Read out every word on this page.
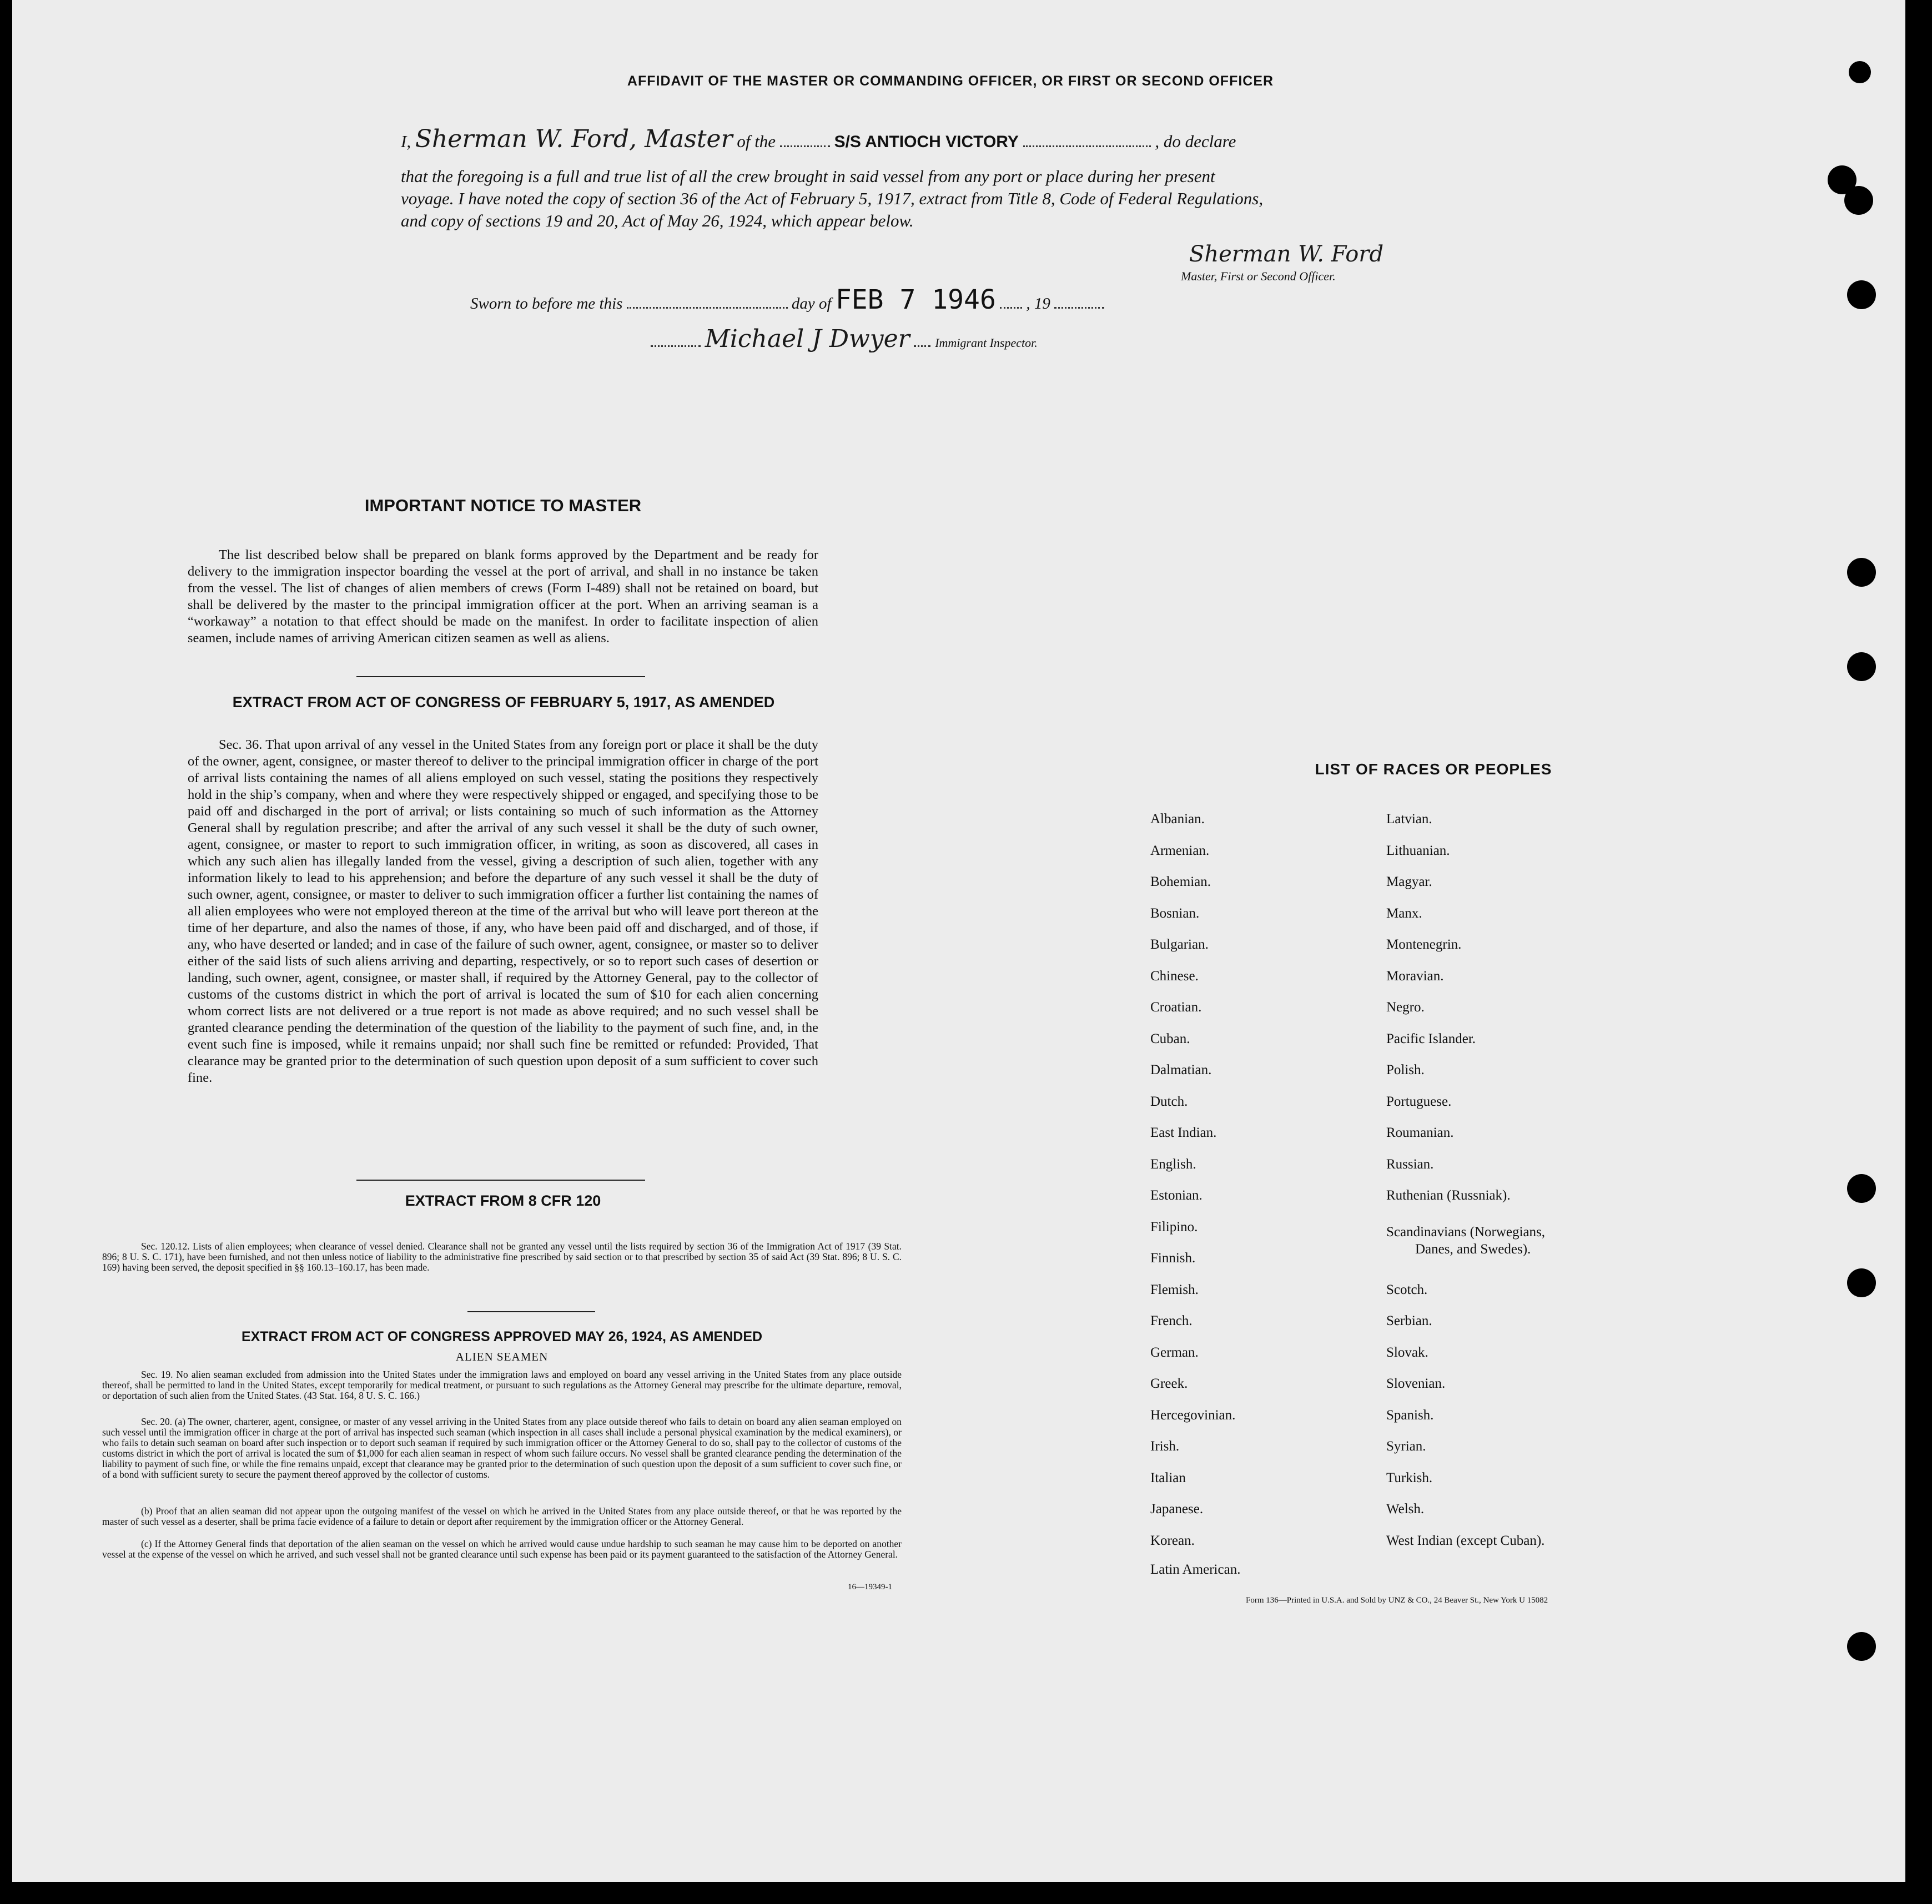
AFFIDAVIT OF THE MASTER OR COMMANDING OFFICER, OR FIRST OR SECOND OFFICER
I, Sherman W. Ford, Master of the	S/S ANTIOCH VICTORY	, do declare
that the foregoing is a full and true list of all the crew brought in said vessel from any port or place during her present
voyage. I have noted the copy of section 36 of the Act of February 5, 1917, extract from Title 8, Code of Federal Regulations,
and copy of sections 19 and 20, Act of May 26, 1924, which appear below.
Sherman W. Ford
Master, First or Second Officer.
Sworn to before me this	day of FEB 7 1946 , 19
Michael J Dwyer Immigrant Inspector.
IMPORTANT NOTICE TO MASTER

The list described below shall be prepared on blank forms approved by the Department and be ready for delivery to the immigration inspector boarding the vessel at the port of arrival, and shall in no instance be taken from the vessel. The list of changes of alien members of crews (Form I-489) shall not be retained on board, but shall be delivered by the master to the principal immigration officer at the port. When an arriving seaman is a “workaway” a notation to that effect should be made on the manifest. In order to facilitate inspection of alien seamen, include names of arriving American citizen seamen as well as aliens.

EXTRACT FROM ACT OF CONGRESS OF FEBRUARY 5, 1917, AS AMENDED

Sec. 36. That upon arrival of any vessel in the United States from any foreign port or place it shall be the duty of the owner, agent, consignee, or master thereof to deliver to the principal immigration officer in charge of the port of arrival lists containing the names of all aliens employed on such vessel, stating the positions they respectively hold in the ship’s company, when and where they were respectively shipped or engaged, and specifying those to be paid off and discharged in the port of arrival; or lists containing so much of such information as the Attorney General shall by regulation prescribe; and after the arrival of any such vessel it shall be the duty of such owner, agent, consignee, or master to report to such immigration officer, in writing, as soon as discovered, all cases in which any such alien has illegally landed from the vessel, giving a description of such alien, together with any information likely to lead to his apprehension; and before the departure of any such vessel it shall be the duty of such owner, agent, consignee, or master to deliver to such immigration officer a further list containing the names of all alien employees who were not employed thereon at the time of the arrival but who will leave port thereon at the time of her departure, and also the names of those, if any, who have been paid off and discharged, and of those, if any, who have deserted or landed; and in case of the failure of such owner, agent, consignee, or master so to deliver either of the said lists of such aliens arriving and departing, respectively, or so to report such cases of desertion or landing, such owner, agent, consignee, or master shall, if required by the Attorney General, pay to the collector of customs of the customs district in which the port of arrival is located the sum of $10 for each alien concerning whom correct lists are not delivered or a true report is not made as above required; and no such vessel shall be granted clearance pending the determination of the question of the liability to the payment of such fine, and, in the event such fine is imposed, while it remains unpaid; nor shall such fine be remitted or refunded: Provided, That clearance may be granted prior to the determination of such question upon deposit of a sum sufficient to cover such fine.

EXTRACT FROM 8 CFR 120

Sec. 120.12. Lists of alien employees; when clearance of vessel denied. Clearance shall not be granted any vessel until the lists required by section 36 of the Immigration Act of 1917 (39 Stat. 896; 8 U. S. C. 171), have been furnished, and not then unless notice of liability to the administrative fine prescribed by said section or to that prescribed by section 35 of said Act (39 Stat. 896; 8 U. S. C. 169) having been served, the deposit specified in §§ 160.13–160.17, has been made.

EXTRACT FROM ACT OF CONGRESS APPROVED MAY 26, 1924, AS AMENDED
ALIEN SEAMEN

Sec. 19. No alien seaman excluded from admission into the United States under the immigration laws and employed on board any vessel arriving in the United States from any place outside thereof, shall be permitted to land in the United States, except temporarily for medical treatment, or pursuant to such regulations as the Attorney General may prescribe for the ultimate departure, removal, or deportation of such alien from the United States. (43 Stat. 164, 8 U. S. C. 166.)

Sec. 20. (a) The owner, charterer, agent, consignee, or master of any vessel arriving in the United States from any place outside thereof who fails to detain on board any alien seaman employed on such vessel until the immigration officer in charge at the port of arrival has inspected such seaman (which inspection in all cases shall include a personal physical examination by the medical examiners), or who fails to detain such seaman on board after such inspection or to deport such seaman if required by such immigration officer or the Attorney General to do so, shall pay to the collector of customs of the customs district in which the port of arrival is located the sum of $1,000 for each alien seaman in respect of whom such failure occurs. No vessel shall be granted clearance pending the determination of the liability to payment of such fine, or while the fine remains unpaid, except that clearance may be granted prior to the determination of such question upon the deposit of a sum sufficient to cover such fine, or of a bond with sufficient surety to secure the payment thereof approved by the collector of customs.

(b) Proof that an alien seaman did not appear upon the outgoing manifest of the vessel on which he arrived in the United States from any place outside thereof, or that he was reported by the master of such vessel as a deserter, shall be prima facie evidence of a failure to detain or deport after requirement by the immigration officer or the Attorney General.

(c) If the Attorney General finds that deportation of the alien seaman on the vessel on which he arrived would cause undue hardship to such seaman he may cause him to be deported on another vessel at the expense of the vessel on which he arrived, and such vessel shall not be granted clearance until such expense has been paid or its payment guaranteed to the satisfaction of the Attorney General.

16—19349-1
LIST OF RACES OR PEOPLES
Albanian.
Armenian.
Bohemian.
Bosnian.
Bulgarian.
Chinese.
Croatian.
Cuban.
Dalmatian.
Dutch.
East Indian.
English.
Estonian.
Filipino.
Finnish.
Flemish.
French.
German.
Greek.
Hercegovinian.
Irish.
Italian
Japanese.
Korean.
Latin American.
Latvian.
Lithuanian.
Magyar.
Manx.
Montenegrin.
Moravian.
Negro.
Pacific Islander.
Polish.
Portuguese.
Roumanian.
Russian.
Ruthenian (Russniak).
Scandinavians (Norwegians,
Danes, and Swedes).
Scotch.
Serbian.
Slovak.
Slovenian.
Spanish.
Syrian.
Turkish.
Welsh.
West Indian (except Cuban).
Form 136—Printed in U.S.A. and Sold by UNZ & CO., 24 Beaver St., New York U 15082
